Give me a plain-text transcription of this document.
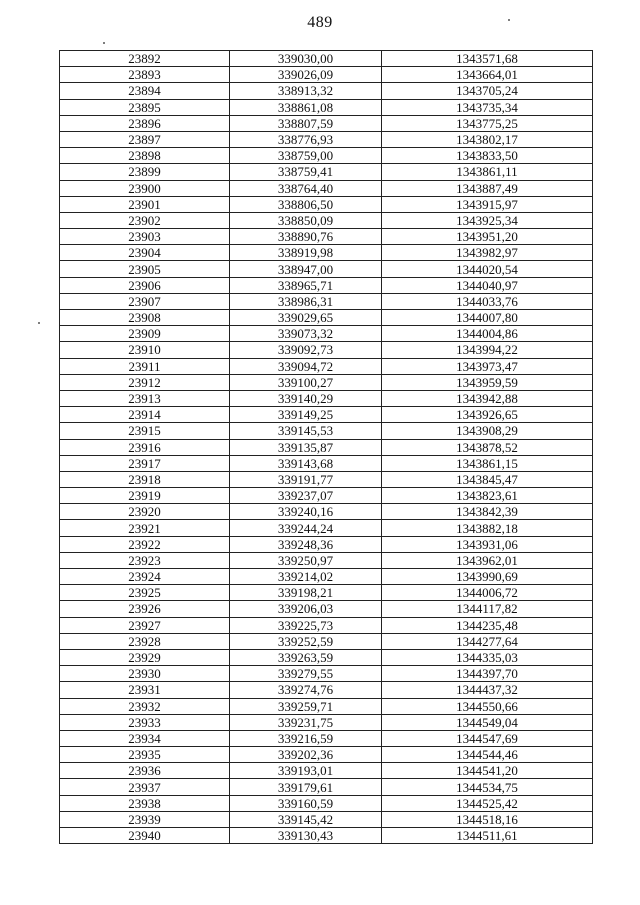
489
23892	339030,00	1343571,68
23893	339026,09	1343664,01
23894	338913,32	1343705,24
23895	338861,08	1343735,34
23896	338807,59	1343775,25
23897	338776,93	1343802,17
23898	338759,00	1343833,50
23899	338759,41	1343861,11
23900	338764,40	1343887,49
23901	338806,50	1343915,97
23902	338850,09	1343925,34
23903	338890,76	1343951,20
23904	338919,98	1343982,97
23905	338947,00	1344020,54
23906	338965,71	1344040,97
23907	338986,31	1344033,76
23908	339029,65	1344007,80
23909	339073,32	1344004,86
23910	339092,73	1343994,22
23911	339094,72	1343973,47
23912	339100,27	1343959,59
23913	339140,29	1343942,88
23914	339149,25	1343926,65
23915	339145,53	1343908,29
23916	339135,87	1343878,52
23917	339143,68	1343861,15
23918	339191,77	1343845,47
23919	339237,07	1343823,61
23920	339240,16	1343842,39
23921	339244,24	1343882,18
23922	339248,36	1343931,06
23923	339250,97	1343962,01
23924	339214,02	1343990,69
23925	339198,21	1344006,72
23926	339206,03	1344117,82
23927	339225,73	1344235,48
23928	339252,59	1344277,64
23929	339263,59	1344335,03
23930	339279,55	1344397,70
23931	339274,76	1344437,32
23932	339259,71	1344550,66
23933	339231,75	1344549,04
23934	339216,59	1344547,69
23935	339202,36	1344544,46
23936	339193,01	1344541,20
23937	339179,61	1344534,75
23938	339160,59	1344525,42
23939	339145,42	1344518,16
23940	339130,43	1344511,61
